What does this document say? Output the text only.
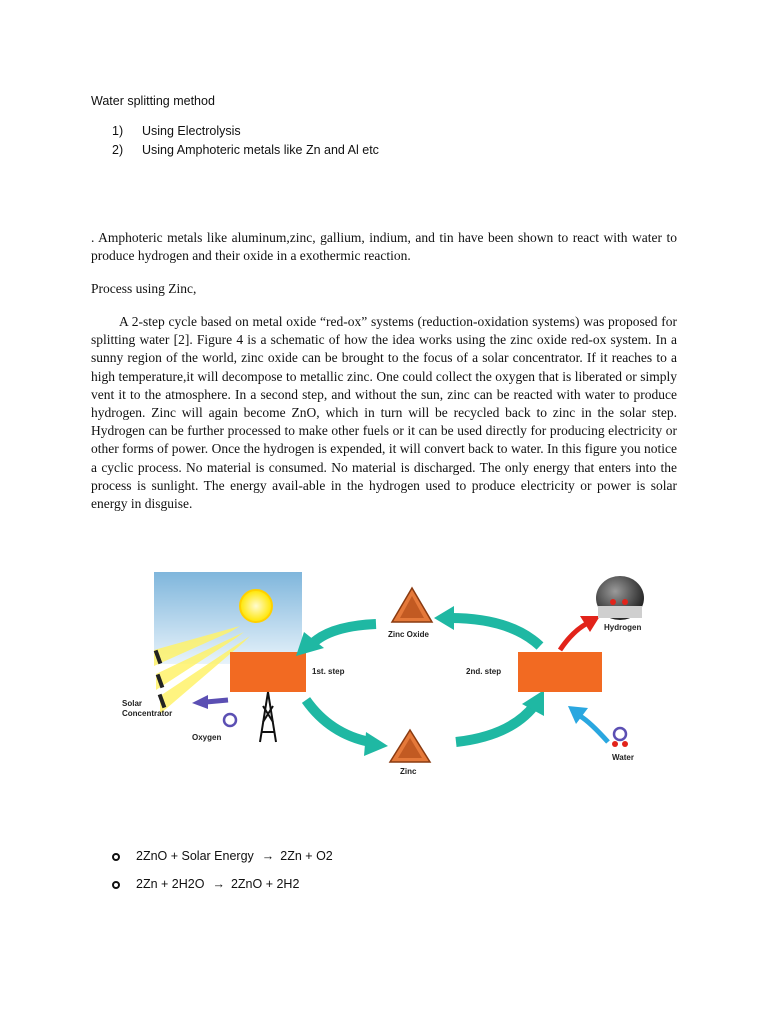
Water splitting method
1) Using Electrolysis
2) Using Amphoteric metals like Zn and Al etc
. Amphoteric metals like aluminum,zinc, gallium, indium, and tin have been shown to react with water to produce hydrogen and their oxide in a exothermic reaction.
Process using Zinc,
A 2-step cycle based on metal oxide “red-ox” systems (reduction-oxidation systems) was proposed for splitting water [2]. Figure 4 is a schematic of how the idea works using the zinc oxide red-ox system. In a sunny region of the world, zinc oxide can be brought to the focus of a solar concentrator. If it reaches to a high temperature,it will decompose to metallic zinc. One could collect the oxygen that is liberated or simply vent it to the atmosphere. In a second step, and without the sun, zinc can be reacted with water to produce hydrogen. Zinc will again become ZnO, which in turn will be recycled back to zinc in the solar step. Hydrogen can be further processed to make other fuels or it can be used directly for producing electricity or other forms of power. Once the hydrogen is expended, it will convert back to water. In this figure you notice a cyclic process. No material is consumed. No material is discharged. The only energy that enters into the process is sunlight. The energy avail-able in the hydrogen used to produce electricity or power is solar energy in disguise.
Solar
Concentrator
1st. step
Oxygen
Zinc Oxide
Zinc
2nd. step
Hydrogen
Water
2ZnO + Solar Energy → 2Zn + O2
2Zn + 2H2O → 2ZnO + 2H2
